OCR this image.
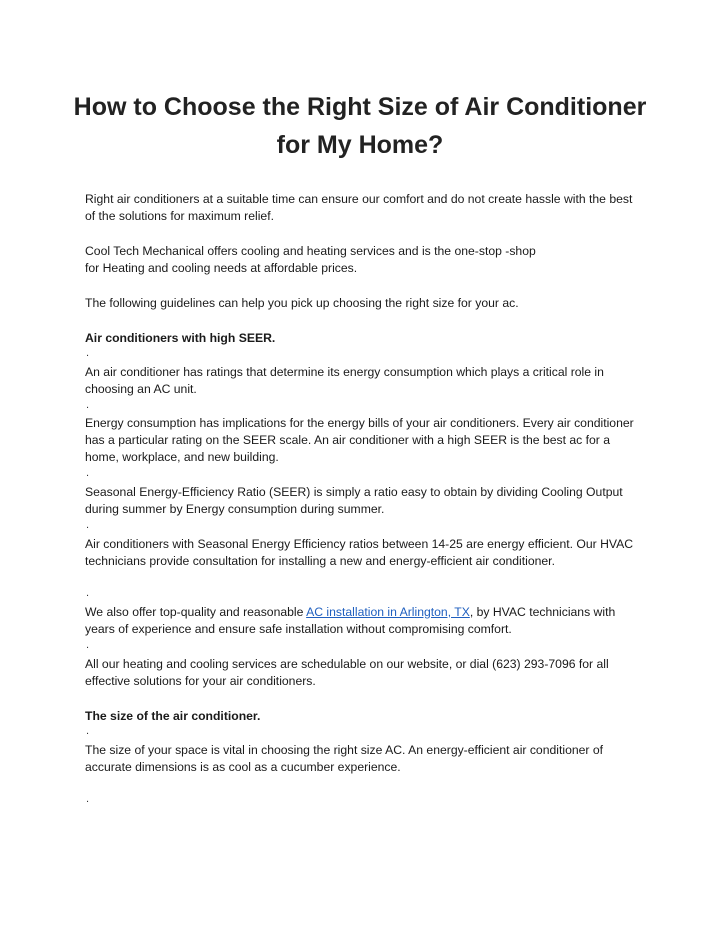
How to Choose the Right Size of Air Conditioner for My Home?

Right air conditioners at a suitable time can ensure our comfort and do not create hassle with the best of the solutions for maximum relief.

Cool Tech Mechanical offers cooling and heating services and is the one-stop -shop
for Heating and cooling needs at affordable prices.

The following guidelines can help you pick up choosing the right size for your ac.

Air conditioners with high SEER.

.

An air conditioner has ratings that determine its energy consumption which plays a critical role in choosing an AC unit.

.

Energy consumption has implications for the energy bills of your air conditioners. Every air conditioner has a particular rating on the SEER scale. An air conditioner with a high SEER is the best ac for a home, workplace, and new building.

.

Seasonal Energy-Efficiency Ratio (SEER) is simply a ratio easy to obtain by dividing Cooling Output during summer by Energy consumption during summer.

.

Air conditioners with Seasonal Energy Efficiency ratios between 14-25 are energy efficient. Our HVAC technicians provide consultation for installing a new and energy-efficient air conditioner.

.

We also offer top-quality and reasonable AC installation in Arlington, TX, by HVAC technicians with years of experience and ensure safe installation without compromising comfort.

.

All our heating and cooling services are schedulable on our website, or dial (623) 293-7096 for all effective solutions for your air conditioners.

The size of the air conditioner.

.

The size of your space is vital in choosing the right size AC. An energy-efficient air conditioner of accurate dimensions is as cool as a cucumber experience.

.
